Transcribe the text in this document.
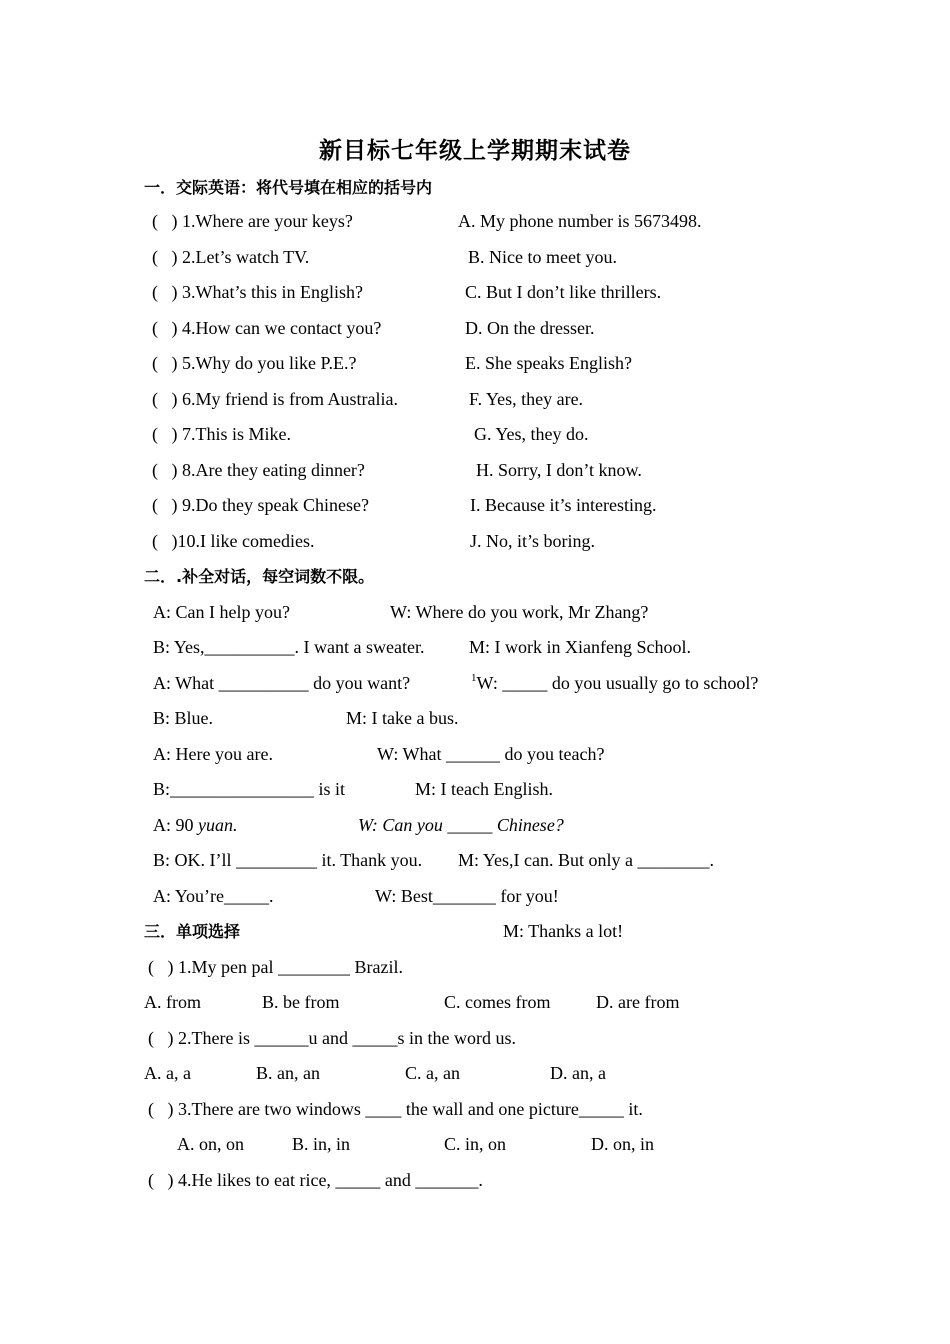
新目标七年级上学期期末试卷
一．交际英语：将代号填在相应的括号内
(   ) 1.Where are your keys?	A. My phone number is 5673498.
(   ) 2.Let’s watch TV.	B. Nice to meet you.
(   ) 3.What’s this in English?	C. But I don’t like thrillers.
(   ) 4.How can we contact you?	D. On the dresser.
(   ) 5.Why do you like P.E.?	E. She speaks English?
(   ) 6.My friend is from Australia.	F. Yes, they are.
(   ) 7.This is Mike.	G. Yes, they do.
(   ) 8.Are they eating dinner?	H. Sorry, I don’t know.
(   ) 9.Do they speak Chinese?	I. Because it’s interesting.
(   )10.I like comedies.	J. No, it’s boring.
二．.补全对话，每空词数不限。
A: Can I help you?	W: Where do you work, Mr Zhang?
B: Yes,__________. I want a sweater. M: I work in Xianfeng School.
A: What __________ do you want?	$^1$W: _____ do you usually go to school?
B: Blue.	M: I take a bus.
A: Here you are.	W: What ______ do you teach?
B:________________ is it	M: I teach English.
A: 90 yuan.	W: Can you _____ Chinese?
B: OK. I’ll _________ it. Thank you. M: Yes,I can. But only a ________.
A: You’re_____.	W: Best_______ for you!
三．单项选择	M: Thanks a lot!
(   ) 1.My pen pal ________ Brazil.
A. from	B. be from	C. comes from	D. are from
(   ) 2.There is ______u and _____s in the word us.
A. a, a	B. an, an	C. a, an	D. an, a
(   ) 3.There are two windows ____ the wall and one picture_____ it.
A. on, on	B. in, in	C. in, on	D. on, in
(   ) 4.He likes to eat rice, _____ and _______.
